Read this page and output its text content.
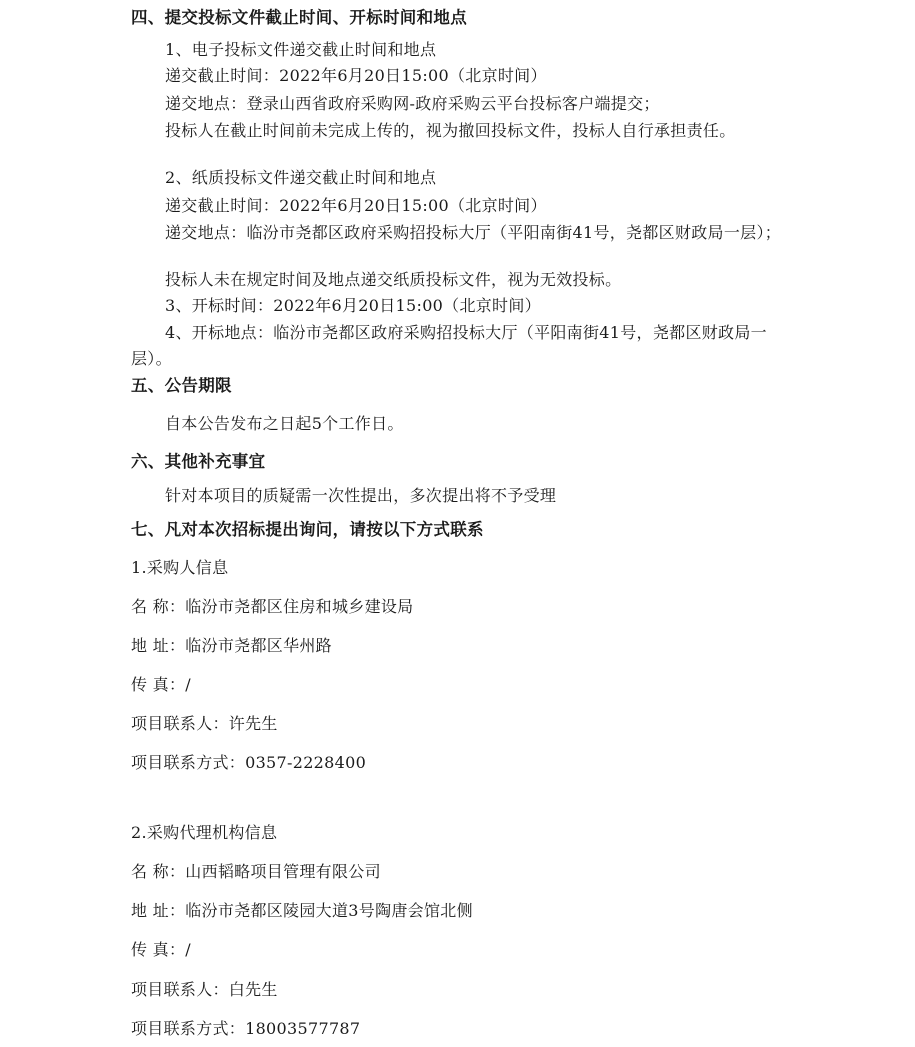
四、提交投标文件截止时间、开标时间和地点
1、电子投标文件递交截止时间和地点
递交截止时间：2022年6月20日15:00（北京时间）
递交地点：登录山西省政府采购网-政府采购云平台投标客户端提交；
投标人在截止时间前未完成上传的，视为撤回投标文件，投标人自行承担责任。
2、纸质投标文件递交截止时间和地点
递交截止时间：2022年6月20日15:00（北京时间）
递交地点：临汾市尧都区政府采购招投标大厅（平阳南街41号，尧都区财政局一层）；
投标人未在规定时间及地点递交纸质投标文件，视为无效投标。
3、开标时间：2022年6月20日15:00（北京时间）
4、开标地点：临汾市尧都区政府采购招投标大厅（平阳南街41号，尧都区财政局一层）。
五、公告期限
自本公告发布之日起5个工作日。
六、其他补充事宜
针对本项目的质疑需一次性提出，多次提出将不予受理
七、凡对本次招标提出询问，请按以下方式联系
1.采购人信息
名 称：临汾市尧都区住房和城乡建设局
地 址：临汾市尧都区华州路
传 真：/
项目联系人：许先生
项目联系方式：0357-2228400
2.采购代理机构信息
名 称：山西韬略项目管理有限公司
地 址：临汾市尧都区陵园大道3号陶唐会馆北侧
传 真：/
项目联系人：白先生
项目联系方式：18003577787
